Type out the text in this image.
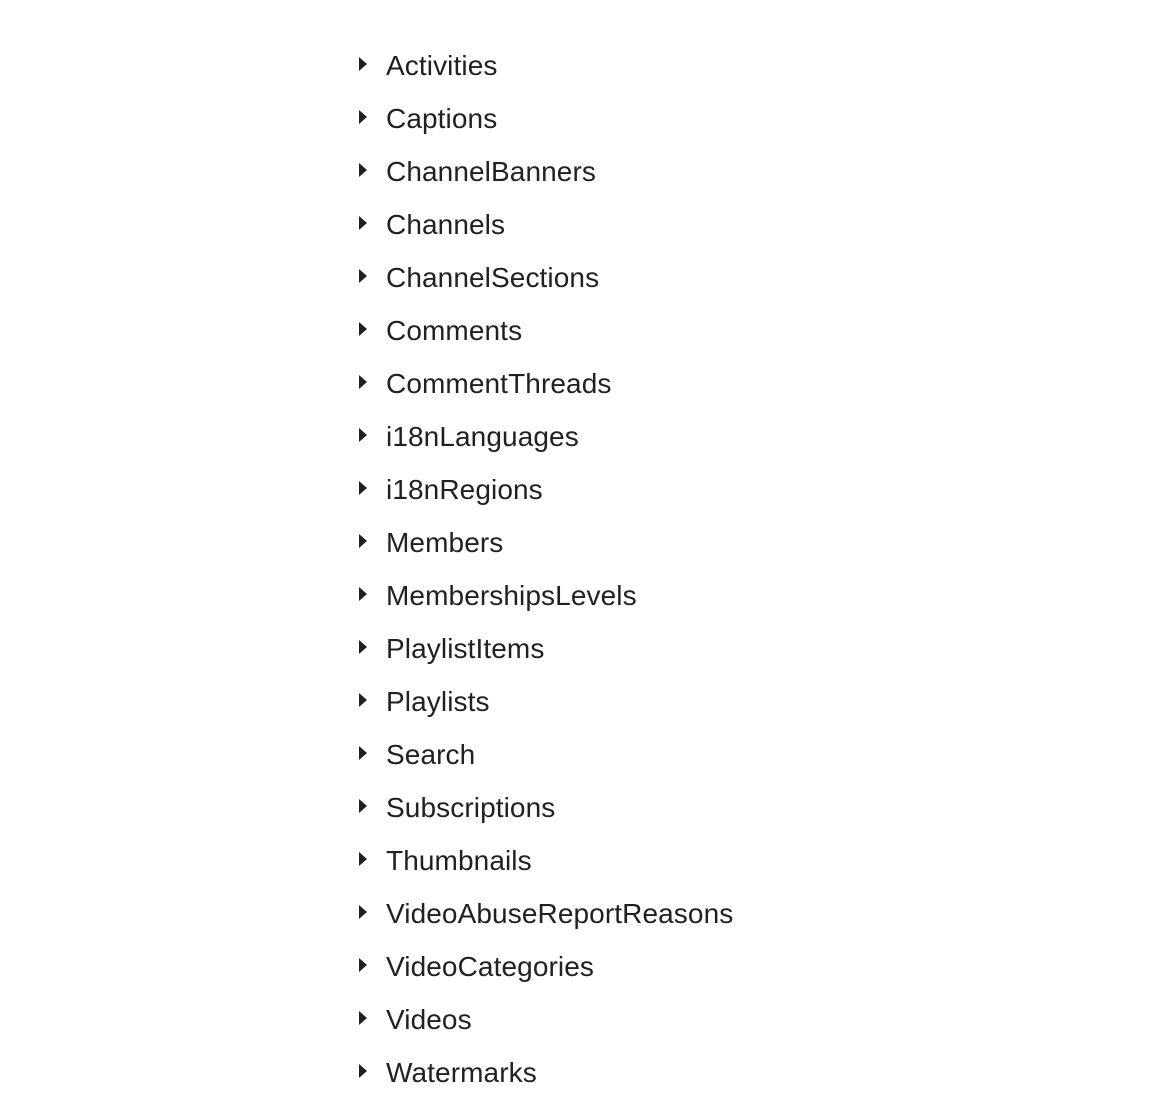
Activities
Captions
ChannelBanners
Channels
ChannelSections
Comments
CommentThreads
i18nLanguages
i18nRegions
Members
MembershipsLevels
PlaylistItems
Playlists
Search
Subscriptions
Thumbnails
VideoAbuseReportReasons
VideoCategories
Videos
Watermarks
